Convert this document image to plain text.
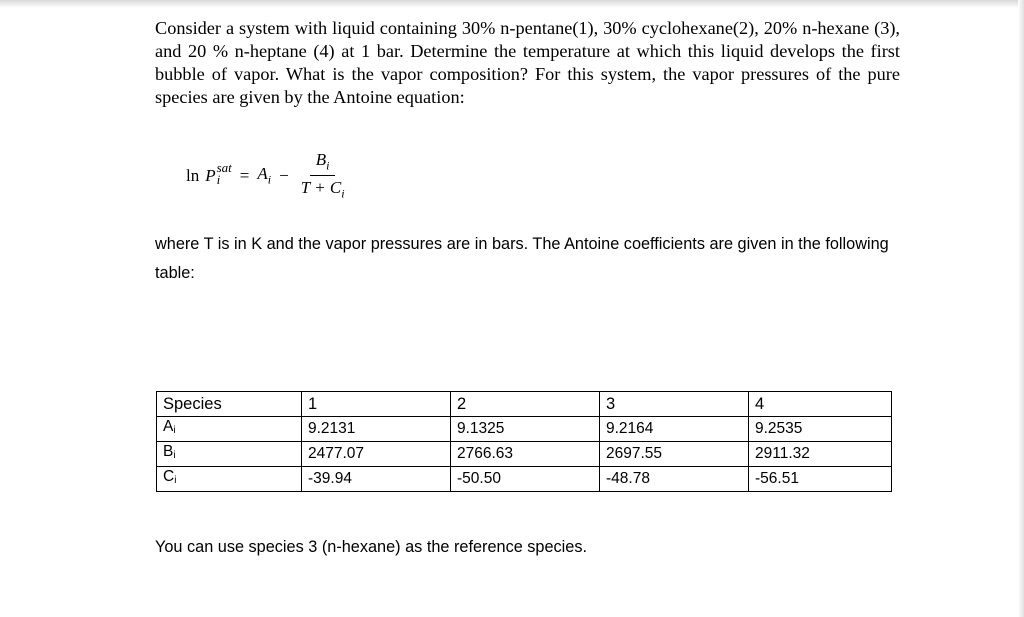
Consider a system with liquid containing 30% n-pentane(1), 30% cyclohexane(2), 20% n-hexane (3), and 20 % n-heptane (4) at 1 bar. Determine the temperature at which this liquid develops the first bubble of vapor. What is the vapor composition? For this system, the vapor pressures of the pure species are given by the Antoine equation:

ln P sat
i	= $A_i - \frac{B_i}{T + C_i}$

where T is in K and the vapor pressures are in bars. The Antoine coefficients are given in the following table:

Species	1	2	3	4
Ai	9.2131	9.1325	9.2164	9.2535
Bi	2477.07	2766.63	2697.55	2911.32
Ci	-39.94	-50.50	-48.78	-56.51

You can use species 3 (n-hexane) as the reference species.
